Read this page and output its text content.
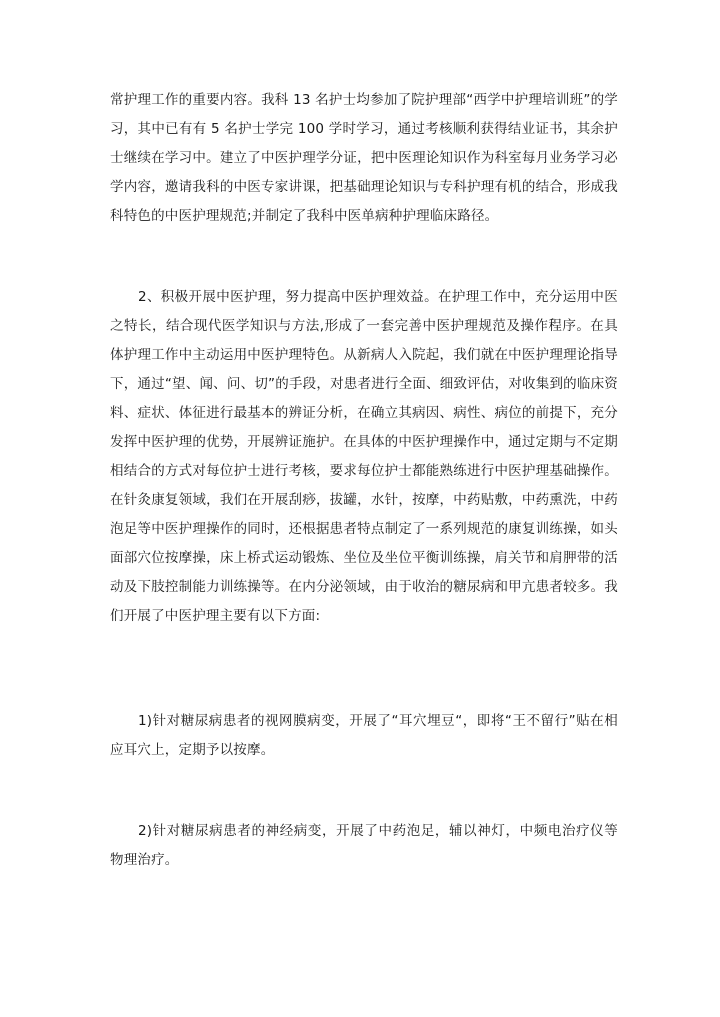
常护理工作的重要内容。我科 13 名护士均参加了院护理部“西学中护理培训班”的学习，其中已有有 5 名护士学完 100 学时学习，通过考核顺利获得结业证书，其余护士继续在学习中。建立了中医护理学分证，把中医理论知识作为科室每月业务学习必学内容，邀请我科的中医专家讲课，把基础理论知识与专科护理有机的结合，形成我科特色的中医护理规范;并制定了我科中医单病种护理临床路径。

2、积极开展中医护理，努力提高中医护理效益。在护理工作中，充分运用中医之特长，结合现代医学知识与方法,形成了一套完善中医护理规范及操作程序。在具体护理工作中主动运用中医护理特色。从新病人入院起，我们就在中医护理理论指导下，通过“望、闻、问、切”的手段，对患者进行全面、细致评估，对收集到的临床资料、症状、体征进行最基本的辨证分析，在确立其病因、病性、病位的前提下，充分发挥中医护理的优势，开展辨证施护。在具体的中医护理操作中，通过定期与不定期相结合的方式对每位护士进行考核，要求每位护士都能熟练进行中医护理基础操作。在针灸康复领域，我们在开展刮痧，拔罐，水针，按摩，中药贴敷，中药熏洗，中药泡足等中医护理操作的同时，还根据患者特点制定了一系列规范的康复训练操，如头面部穴位按摩操，床上桥式运动锻炼、坐位及坐位平衡训练操，肩关节和肩胛带的活动及下肢控制能力训练操等。在内分泌领域，由于收治的糖尿病和甲亢患者较多。我们开展了中医护理主要有以下方面:

1)针对糖尿病患者的视网膜病变，开展了“耳穴埋豆“，即将“王不留行”贴在相应耳穴上，定期予以按摩。

2)针对糖尿病患者的神经病变，开展了中药泡足，辅以神灯，中频电治疗仪等物理治疗。
